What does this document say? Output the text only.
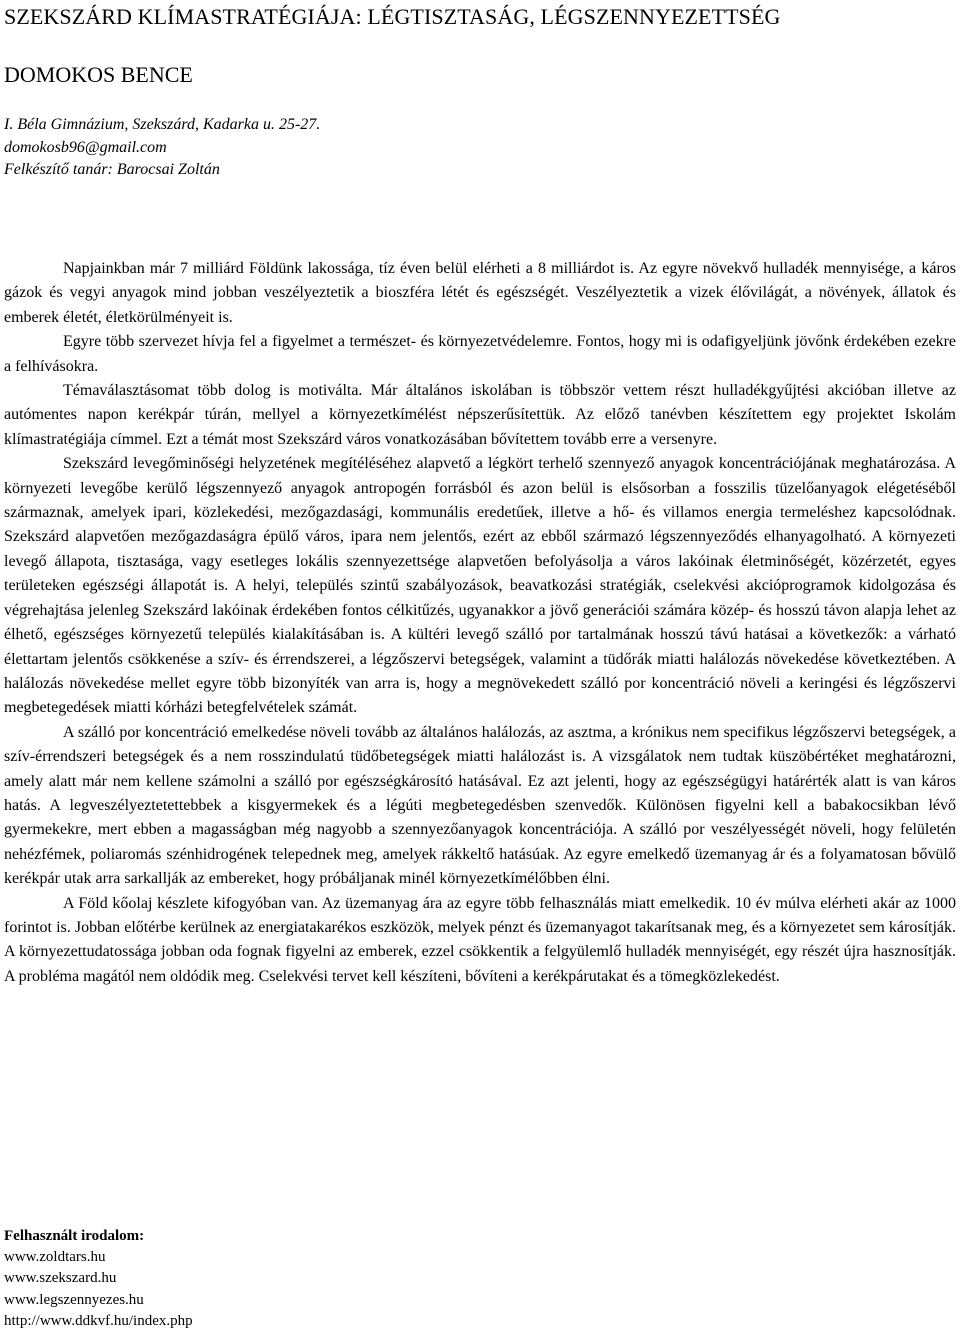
SZEKSZÁRD KLÍMASTRATÉGIÁJA: LÉGTISZTASÁG, LÉGSZENNYEZETTSÉG
DOMOKOS BENCE
I. Béla Gimnázium, Szekszárd, Kadarka u. 25-27.
domokosb96@gmail.com
Felkészítő tanár: Barocsai Zoltán

Napjainkban már 7 milliárd Földünk lakossága, tíz éven belül elérheti a 8 milliárdot is. Az egyre növekvő hulladék mennyisége, a káros gázok és vegyi anyagok mind jobban veszélyeztetik a bioszféra létét és egészségét. Veszélyeztetik a vizek élővilágát, a növények, állatok és emberek életét, életkörülményeit is.

Egyre több szervezet hívja fel a figyelmet a természet- és környezetvédelemre. Fontos, hogy mi is odafigyeljünk jövőnk érdekében ezekre a felhívásokra.

Témaválasztásomat több dolog is motiválta. Már általános iskolában is többször vettem részt hulladékgyűjtési akcióban illetve az autómentes napon kerékpár túrán, mellyel a környezetkímélést népszerűsítettük. Az előző tanévben készítettem egy projektet Iskolám klímastratégiája címmel. Ezt a témát most Szekszárd város vonatkozásában bővítettem tovább erre a versenyre.

Szekszárd levegőminőségi helyzetének megítéléséhez alapvető a légkört terhelő szennyező anyagok koncentrációjának meghatározása. A környezeti levegőbe kerülő légszennyező anyagok antropogén forrásból és azon belül is elsősorban a fosszilis tüzelőanyagok elégetéséből származnak, amelyek ipari, közlekedési, mezőgazdasági, kommunális eredetűek, illetve a hő- és villamos energia termeléshez kapcsolódnak. Szekszárd alapvetően mezőgazdaságra épülő város, ipara nem jelentős, ezért az ebből származó légszennyeződés elhanyagolható. A környezeti levegő állapota, tisztasága, vagy esetleges lokális szennyezettsége alapvetően befolyásolja a város lakóinak életminőségét, közérzetét, egyes területeken egészségi állapotát is. A helyi, település szintű szabályozások, beavatkozási stratégiák, cselekvési akcióprogramok kidolgozása és végrehajtása jelenleg Szekszárd lakóinak érdekében fontos célkitűzés, ugyanakkor a jövő generációi számára közép- és hosszú távon alapja lehet az élhető, egészséges környezetű település kialakításában is. A kültéri levegő szálló por tartalmának hosszú távú hatásai a következők: a várható élettartam jelentős csökkenése a szív- és érrendszerei, a légzőszervi betegségek, valamint a tüdőrák miatti halálozás növekedése következtében. A halálozás növekedése mellet egyre több bizonyíték van arra is, hogy a megnövekedett szálló por koncentráció növeli a keringési és légzőszervi megbetegedések miatti kórházi betegfelvételek számát.

A szálló por koncentráció emelkedése növeli tovább az általános halálozás, az asztma, a krónikus nem specifikus légzőszervi betegségek, a szív-érrendszeri betegségek és a nem rosszindulatú tüdőbetegségek miatti halálozást is. A vizsgálatok nem tudtak küszöbértéket meghatározni, amely alatt már nem kellene számolni a szálló por egészségkárosító hatásával. Ez azt jelenti, hogy az egészségügyi határérték alatt is van káros hatás. A legveszélyeztetettebbek a kisgyermekek és a légúti megbetegedésben szenvedők. Különösen figyelni kell a babakocsikban lévő gyermekekre, mert ebben a magasságban még nagyobb a szennyezőanyagok koncentrációja. A szálló por veszélyességét növeli, hogy felületén nehézfémek, poliaromás szénhidrogének telepednek meg, amelyek rákkeltő hatásúak. Az egyre emelkedő üzemanyag ár és a folyamatosan bővülő kerékpár utak arra sarkallják az embereket, hogy próbáljanak minél környezetkímélőbben élni.

A Föld kőolaj készlete kifogyóban van. Az üzemanyag ára az egyre több felhasználás miatt emelkedik. 10 év múlva elérheti akár az 1000 forintot is. Jobban előtérbe kerülnek az energiatakarékos eszközök, melyek pénzt és üzemanyagot takarítsanak meg, és a környezetet sem károsítják. A környezettudatossága jobban oda fognak figyelni az emberek, ezzel csökkentik a felgyülemlő hulladék mennyiségét, egy részét újra hasznosítják. A probléma magától nem oldódik meg. Cselekvési tervet kell készíteni, bővíteni a kerékpárutakat és a tömegközlekedést.

Felhasznált irodalom:
www.zoldtars.hu
www.szekszard.hu
www.legszennyezes.hu
http://www.ddkvf.hu/index.php
